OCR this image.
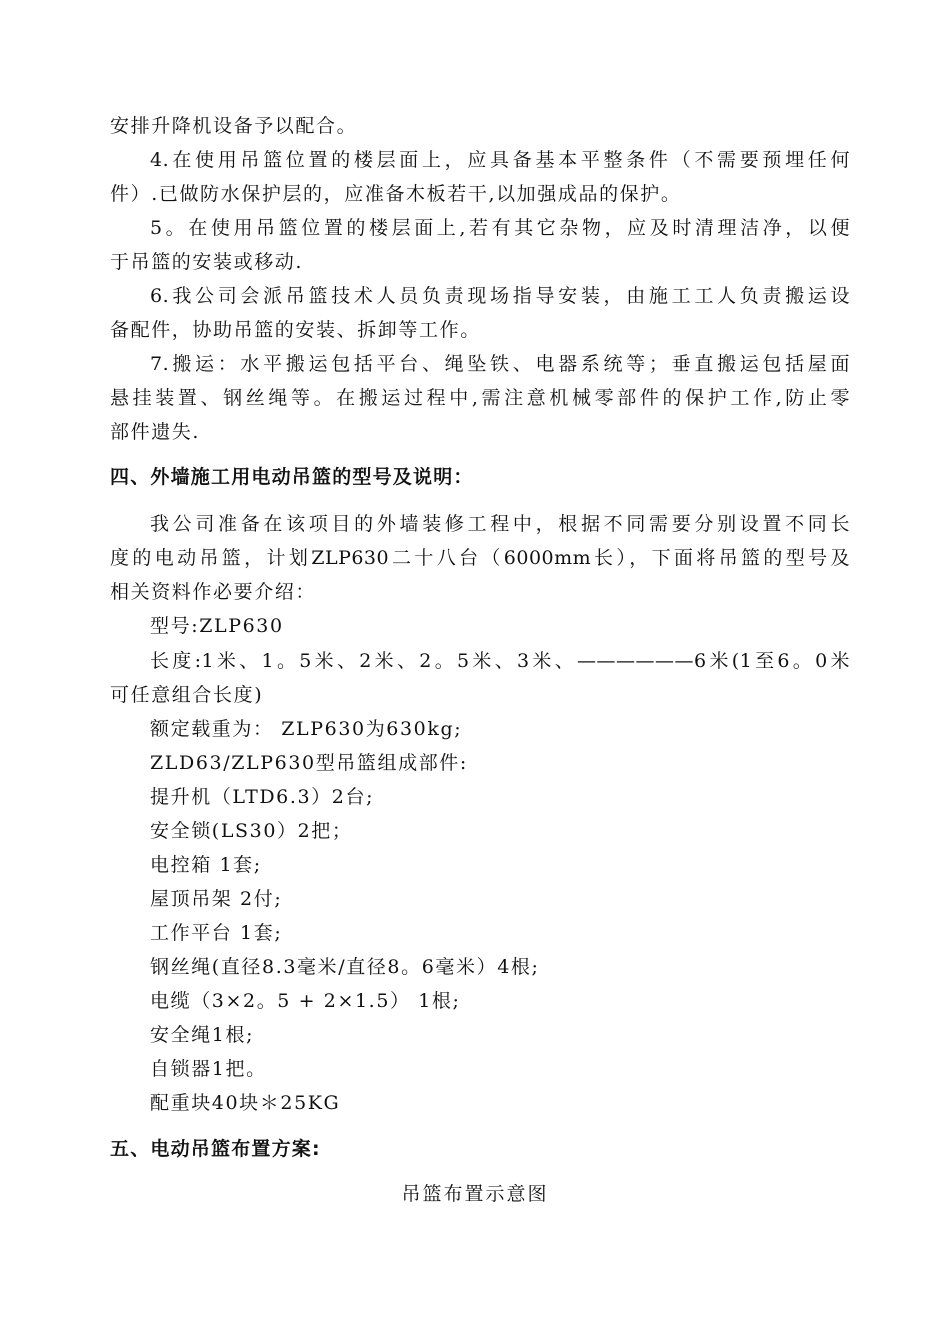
安排升降机设备予以配合。
4.在使用吊篮位置的楼层面上，应具备基本平整条件（不需要预埋任何
件）.已做防水保护层的，应准备木板若干,以加强成品的保护。
5。在使用吊篮位置的楼层面上,若有其它杂物，应及时清理洁净，以便
于吊篮的安装或移动.
6.我公司会派吊篮技术人员负责现场指导安装，由施工工人负责搬运设
备配件，协助吊篮的安装、拆卸等工作。
7.搬运：水平搬运包括平台、绳坠铁、电器系统等；垂直搬运包括屋面
悬挂装置、钢丝绳等。在搬运过程中,需注意机械零部件的保护工作,防止零
部件遗失.
四、外墙施工用电动吊篮的型号及说明：
我公司准备在该项目的外墙装修工程中，根据不同需要分别设置不同长
度的电动吊篮，计划ZLP630二十八台（6000mm长），下面将吊篮的型号及
相关资料作必要介绍：
型号:ZLP630
长度:1米、1。5米、2米、2。5米、3米、——————6米(1至6。0米
可任意组合长度)
额定载重为： ZLP630为630kg;
ZLD63/ZLP630型吊篮组成部件:
提升机（LTD6.3）2台;
安全锁(LS30）2把；
电控箱 1套;
屋顶吊架 2付;
工作平台 1套;
钢丝绳(直径8.3毫米/直径8。6毫米）4根;
电缆（3×2。5 + 2×1.5） 1根;
安全绳1根;
自锁器1把。
配重块40块＊25KG
五、电动吊篮布置方案:
吊篮布置示意图
